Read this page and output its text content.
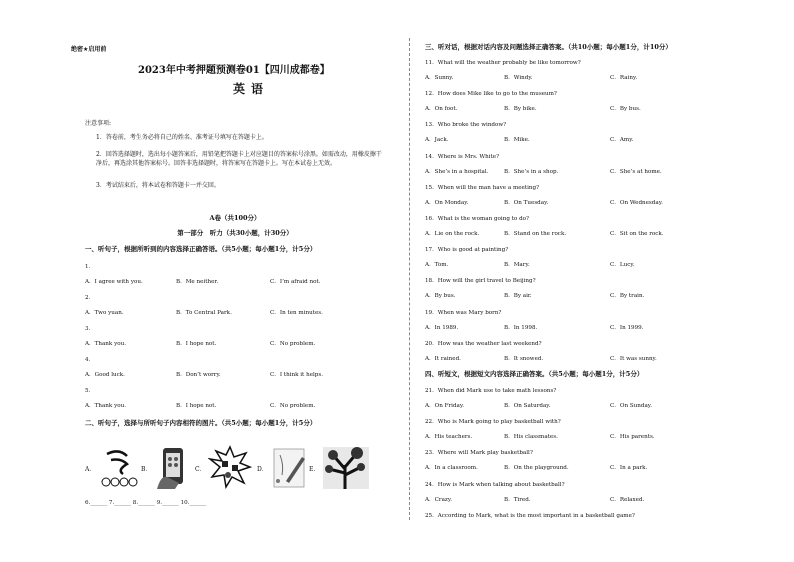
绝密★启用前
2023年中考押题预测卷01【四川成都卷】
英语
注意事项:
1．答卷前，考生务必将自己的姓名、准考证号填写在答题卡上。
2．回答选择题时，选出每小题答案后，用铅笔把答题卡上对应题目的答案标号涂黑。如需改动，用橡皮擦干净后，再选涂其他答案标号。回答非选择题时，将答案写在答题卡上。写在本试卷上无效。
3．考试结束后，将本试卷和答题卡一并交回。
A卷（共100分）
第一部分　听力（共30小题，计30分）
一、听句子，根据所听到的内容选择正确答语。（共5小题；每小题1分，计5分）
1．
A．I agree with you.	B．Me neither.	C．I’m afraid not.
2．
A．Two yuan.	B．To Central Park.	C．In ten minutes.
3．
A．Thank you.	B．I hope not.	C．No problem.
4．
A．Good luck.	B．Don’t worry.	C．I think it helps.
5．
A．Thank you.	B．I hope not.	C．No problem.
二、听句子，选择与所听句子内容相符的图片。（共5小题；每小题1分，计5分）
A．	B．	C．	D．	E．
6.______ 7.______ 8.______ 9.______ 10.______
三、听对话，根据对话内容及问题选择正确答案。（共10小题；每小题1分，计10分）
11．What will the weather probably be like tomorrow?
A．Sunny.	B．Windy.	C．Rainy.
12．How does Mike like to go to the museum?
A．On foot.	B．By bike.	C．By bus.
13．Who broke the window?
A．Jack.	B．Mike.	C．Amy.
14．Where is Mrs. White?
A．She’s in a hospital.	B．She’s in a shop.	C．She’s at home.
15．When will the man have a meeting?
A．On Monday.	B．On Tuesday.	C．On Wednesday.
16．What is the woman going to do?
A．Lie on the rock.	B．Stand on the rock.	C．Sit on the rock.
17．Who is good at painting?
A．Tom.	B．Mary.	C．Lucy.
18．How will the girl travel to Beijing?
A．By bus.	B．By air.	C．By train.
19．When was Mary born?
A．In 1989.	B．In 1998.	C．In 1999.
20．How was the weather last weekend?
A．It rained.	B．It snowed.	C．It was sunny.
四、听短文，根据短文内容选择正确答案。（共5小题；每小题1分，计5分）
21．When did Mark use to take math lessons?
A．On Friday.	B．On Saturday.	C．On Sunday.
22．Who is Mark going to play basketball with?
A．His teachers.	B．His classmates.	C．His parents.
23．Where will Mark play basketball?
A．In a classroom.	B．On the playground.	C．In a park.
24．How is Mark when talking about basketball?
A．Crazy.	B．Tired.	C．Relaxed.
25．According to Mark, what is the most important in a basketball game?
